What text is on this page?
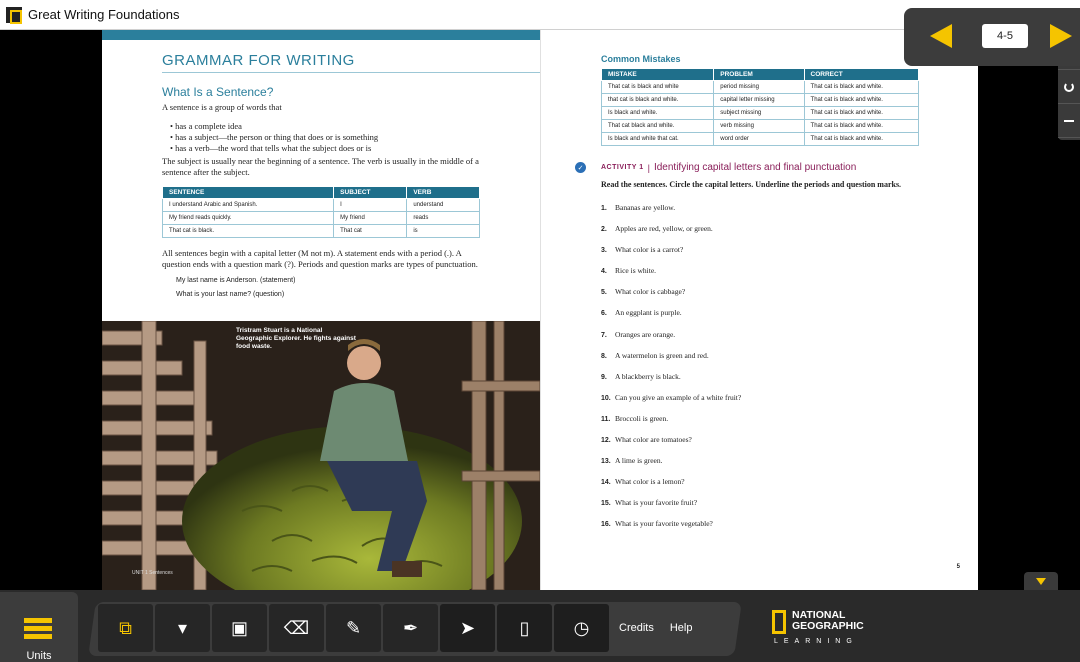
Great Writing Foundations
GRAMMAR FOR WRITING
What Is a Sentence?
A sentence is a group of words that
• has a complete idea
• has a subject—the person or thing that does or is something
• has a verb—the word that tells what the subject does or is
The subject is usually near the beginning of a sentence. The verb is usually in the middle of a sentence after the subject.
SENTENCE	SUBJECT	VERB
I understand Arabic and Spanish.	I	understand
My friend reads quickly.	My friend	reads
That cat is black.	That cat	is
All sentences begin with a capital letter (M not m). A statement ends with a period (.). A question ends with a question mark (?). Periods and question marks are types of punctuation.
My last name is Anderson. (statement)
What is your last name? (question)
Tristram Stuart is a National Geographic Explorer. He fights against food waste.
UNIT 1 Sentences
Common Mistakes
MISTAKE	PROBLEM	CORRECT
That cat is black and white	period missing	That cat is black and white.
that cat is black and white.	capital letter missing	That cat is black and white.
Is black and white.	subject missing	That cat is black and white.
That cat black and white.	verb missing	That cat is black and white.
Is black and white that cat.	word order	That cat is black and white.
✓	ACTIVITY 1 | Identifying capital letters and final punctuation
Read the sentences. Circle the capital letters. Underline the periods and question marks.
1. Bananas are yellow.
2. Apples are red, yellow, or green.
3. What color is a carrot?
4. Rice is white.
5. What color is cabbage?
6. An eggplant is purple.
7. Oranges are orange.
8. A watermelon is green and red.
9. A blackberry is black.
10. Can you give an example of a white fruit?
11. Broccoli is green.
12. What color are tomatoes?
13. A lime is green.
14. What color is a lemon?
15. What is your favorite fruit?
16. What is your favorite vegetable?
5
Units
⧉	▾ ▣ ⌫ ✎ ✒ ➤ ▯ ◷	Credits	Help
NATIONAL
GEOGRAPHIC
LEARNING
4-5
